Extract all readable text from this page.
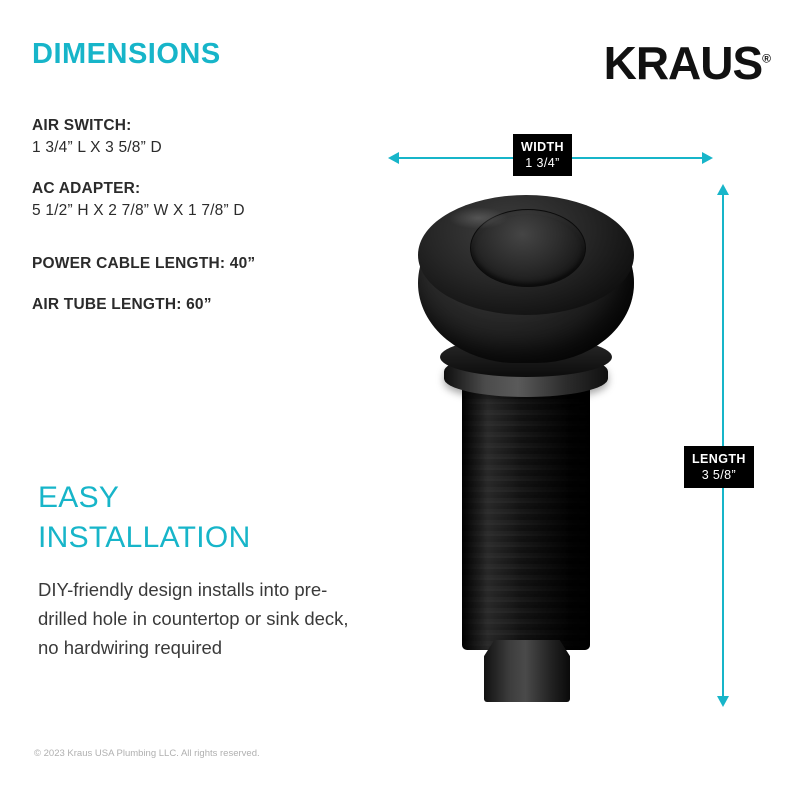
DIMENSIONS
AIR SWITCH:
1 3/4” L X 3 5/8” D
AC ADAPTER:
5 1/2” H X 2 7/8” W X 1 7/8” D
POWER CABLE LENGTH: 40”
AIR TUBE LENGTH: 60”
EASY
INSTALLATION
DIY-friendly design installs into pre-drilled hole in countertop or sink deck, no hardwiring required
© 2023 Kraus USA Plumbing LLC. All rights reserved.
KRAUS®
WIDTH
1 3/4”
LENGTH
3 5/8”
